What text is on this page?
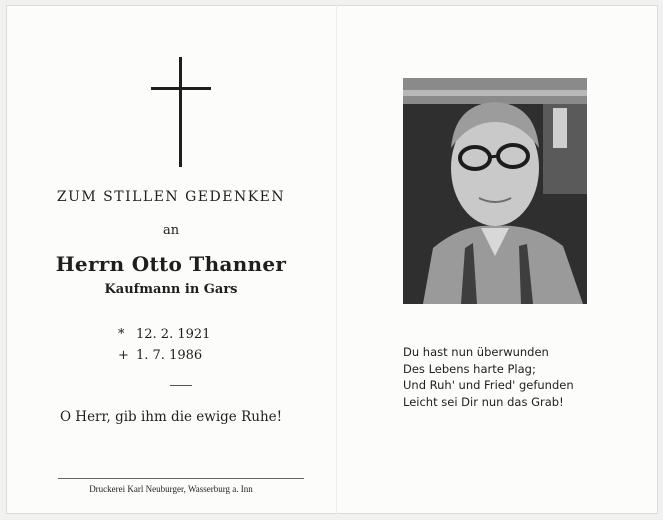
ZUM STILLEN GEDENKEN
an
Herrn Otto Thanner
Kaufmann in Gars
* 12. 2. 1921
+ 1. 7. 1986
O Herr, gib ihm die ewige Ruhe!
Druckerei Karl Neuburger, Wasserburg a. Inn
Du hast nun überwunden
Des Lebens harte Plag;
Und Ruh' und Fried' gefunden
Leicht sei Dir nun das Grab!
